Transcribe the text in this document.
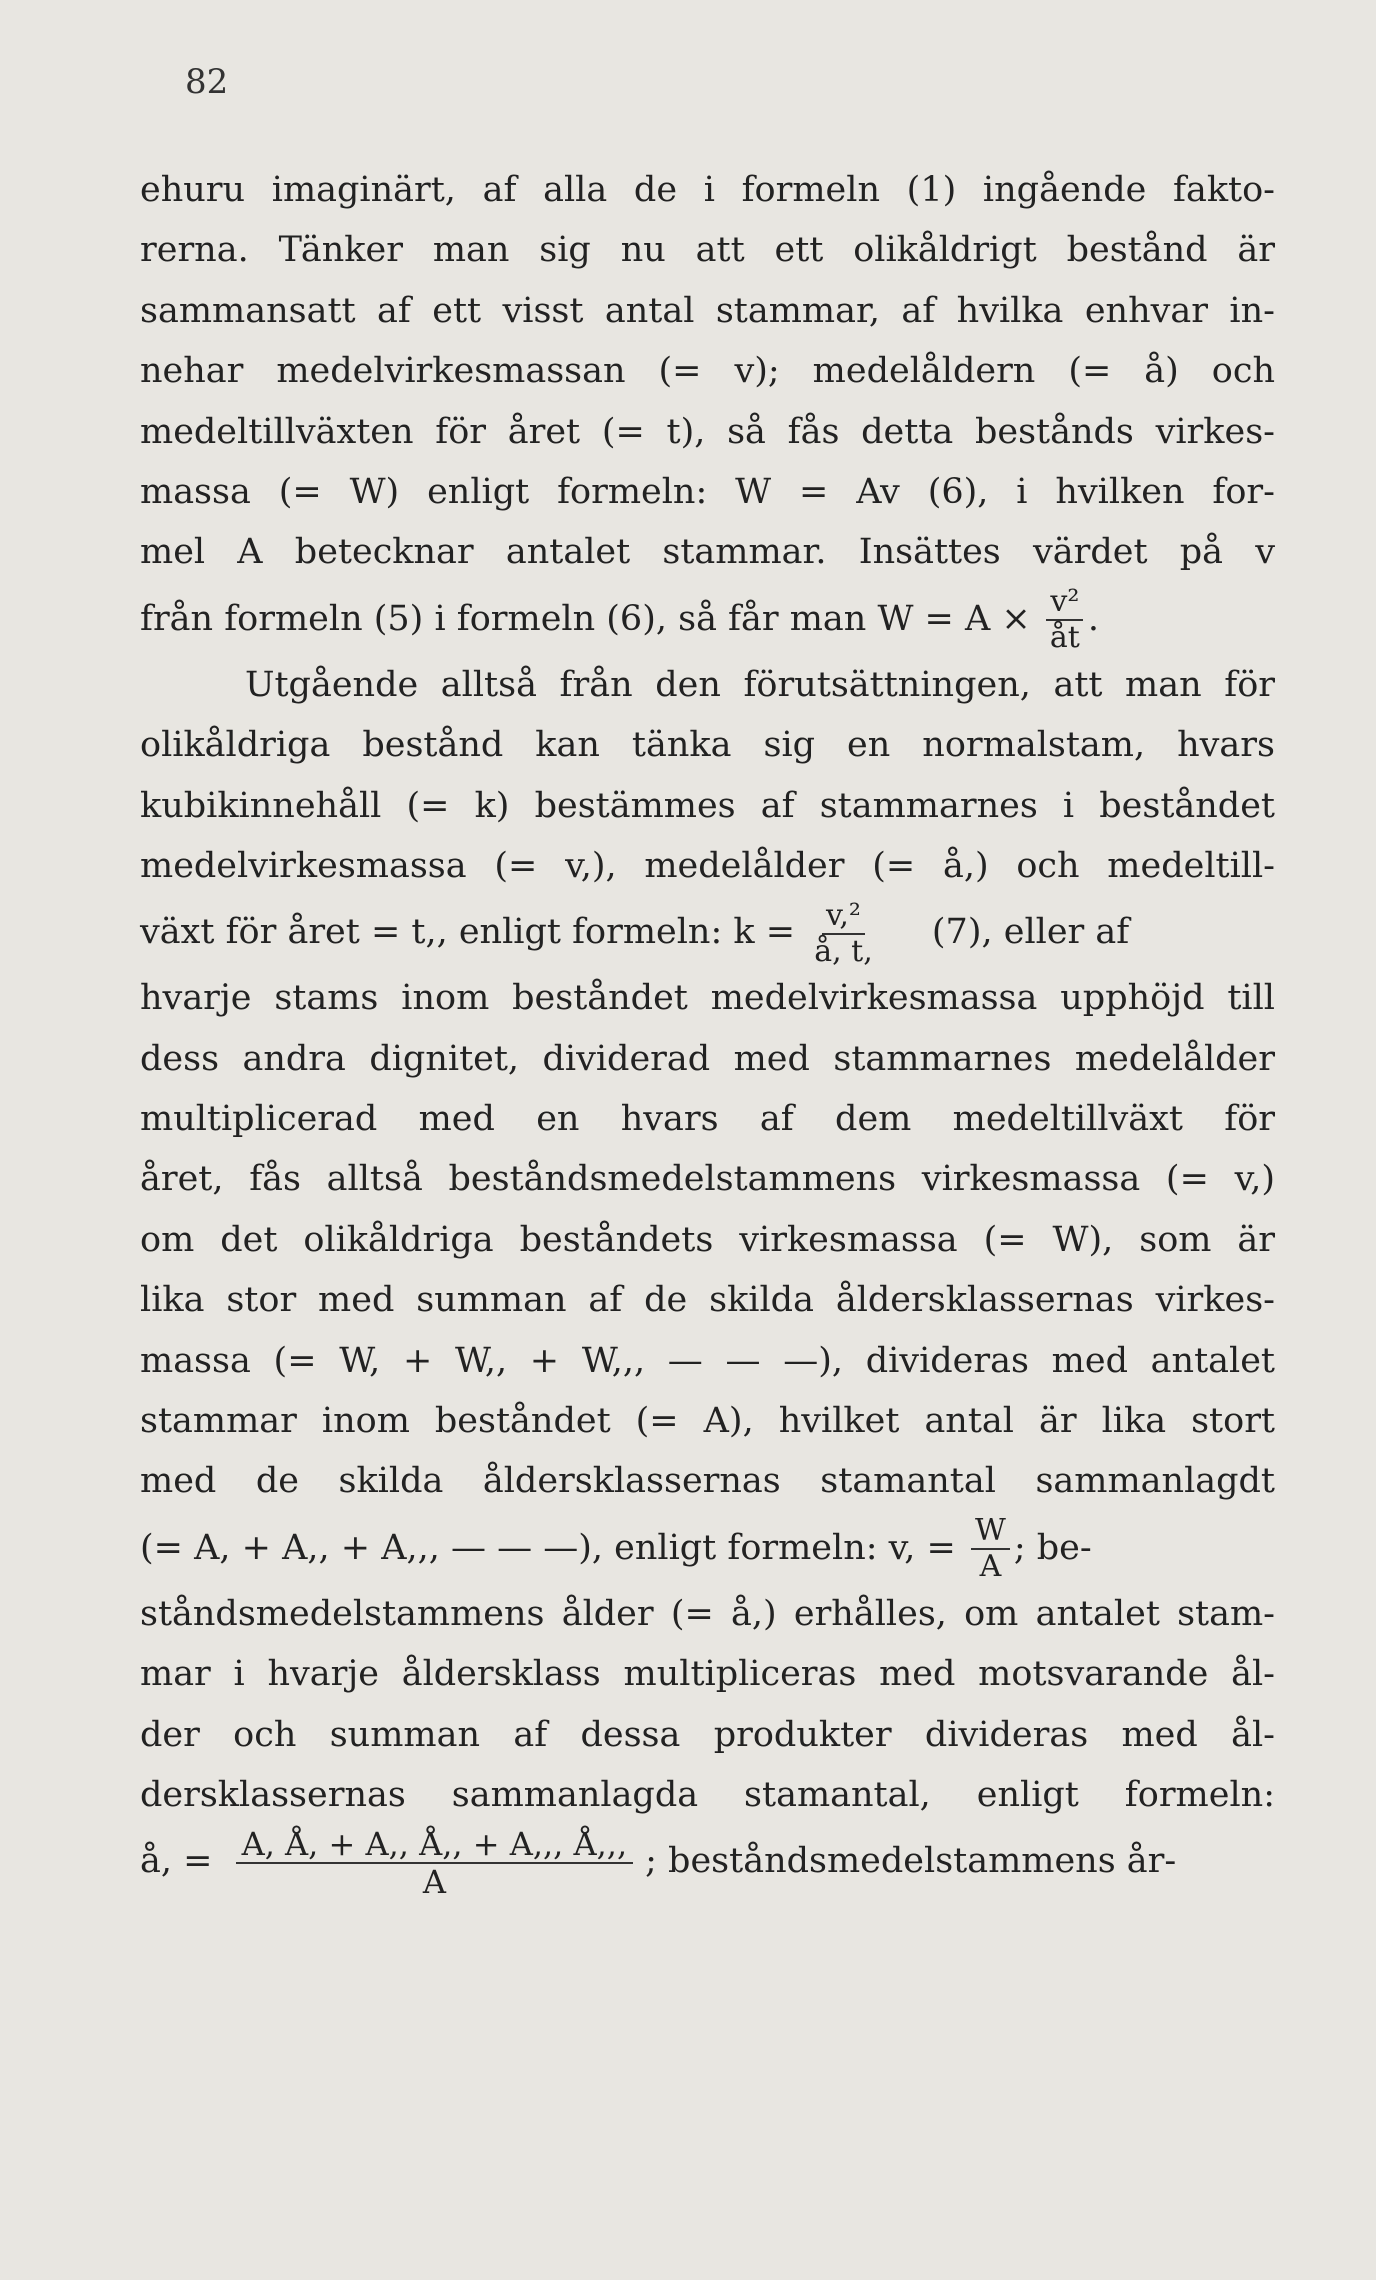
82
ehuru imaginärt, af alla de i formeln (1) ingående fakto-
rerna. Tänker man sig nu att ett olikåldrigt bestånd är
sammansatt af ett visst antal stammar, af hvilka enhvar in-
nehar medelvirkesmassan (= v); medelåldern (= å) och
medeltillväxten för året (= t), så fås detta bestånds virkes-
massa (= W) enligt formeln: W = Av (6), i hvilken for-
mel A betecknar antalet stammar. Insättes värdet på v
från formeln (5) i formeln (6), så får man $W = A \times \frac{\text{v²}}{åt}$ .
Utgående alltså från den förutsättningen, att man för
olikåldriga bestånd kan tänka sig en normalstam, hvars
kubikinnehåll (= k) bestämmes af stammarnes i beståndet
medelvirkesmassa (= v,), medelålder (= å,) och medeltill-
växt för året = t,, enligt formeln: $k = \frac{\text{v,²}}{å, t,} (7)$, eller af
hvarje stams inom beståndet medelvirkesmassa upphöjd till
dess andra dignitet, dividerad med stammarnes medelålder
multiplicerad med en hvars af dem medeltillväxt för
året, fås alltså beståndsmedelstammens virkesmassa (= v,)
om det olikåldriga beståndets virkesmassa (= W), som är
lika stor med summan af de skilda åldersklassernas virkes-
massa (= W, + W,, + W,,, — — —), divideras med antalet
stammar inom beståndet (= A), hvilket antal är lika stort
med de skilda åldersklassernas stamantal sammanlagdt
(= A, + A,, + A,,, — — —), enligt formeln: v, = $\frac{W}{A}$ ; be-
ståndsmedelstammens ålder (= å,) erhålles, om antalet stam-
mar i hvarje åldersklass multipliceras med motsvarande ål-
der och summan af dessa produkter divideras med ål-
dersklassernas sammanlagda stamantal, enligt formeln:
å, = $\frac{A, Å, + A,, Å,, + A,,, Å,,,}{A}$ ; beståndsmedelstammens år-
